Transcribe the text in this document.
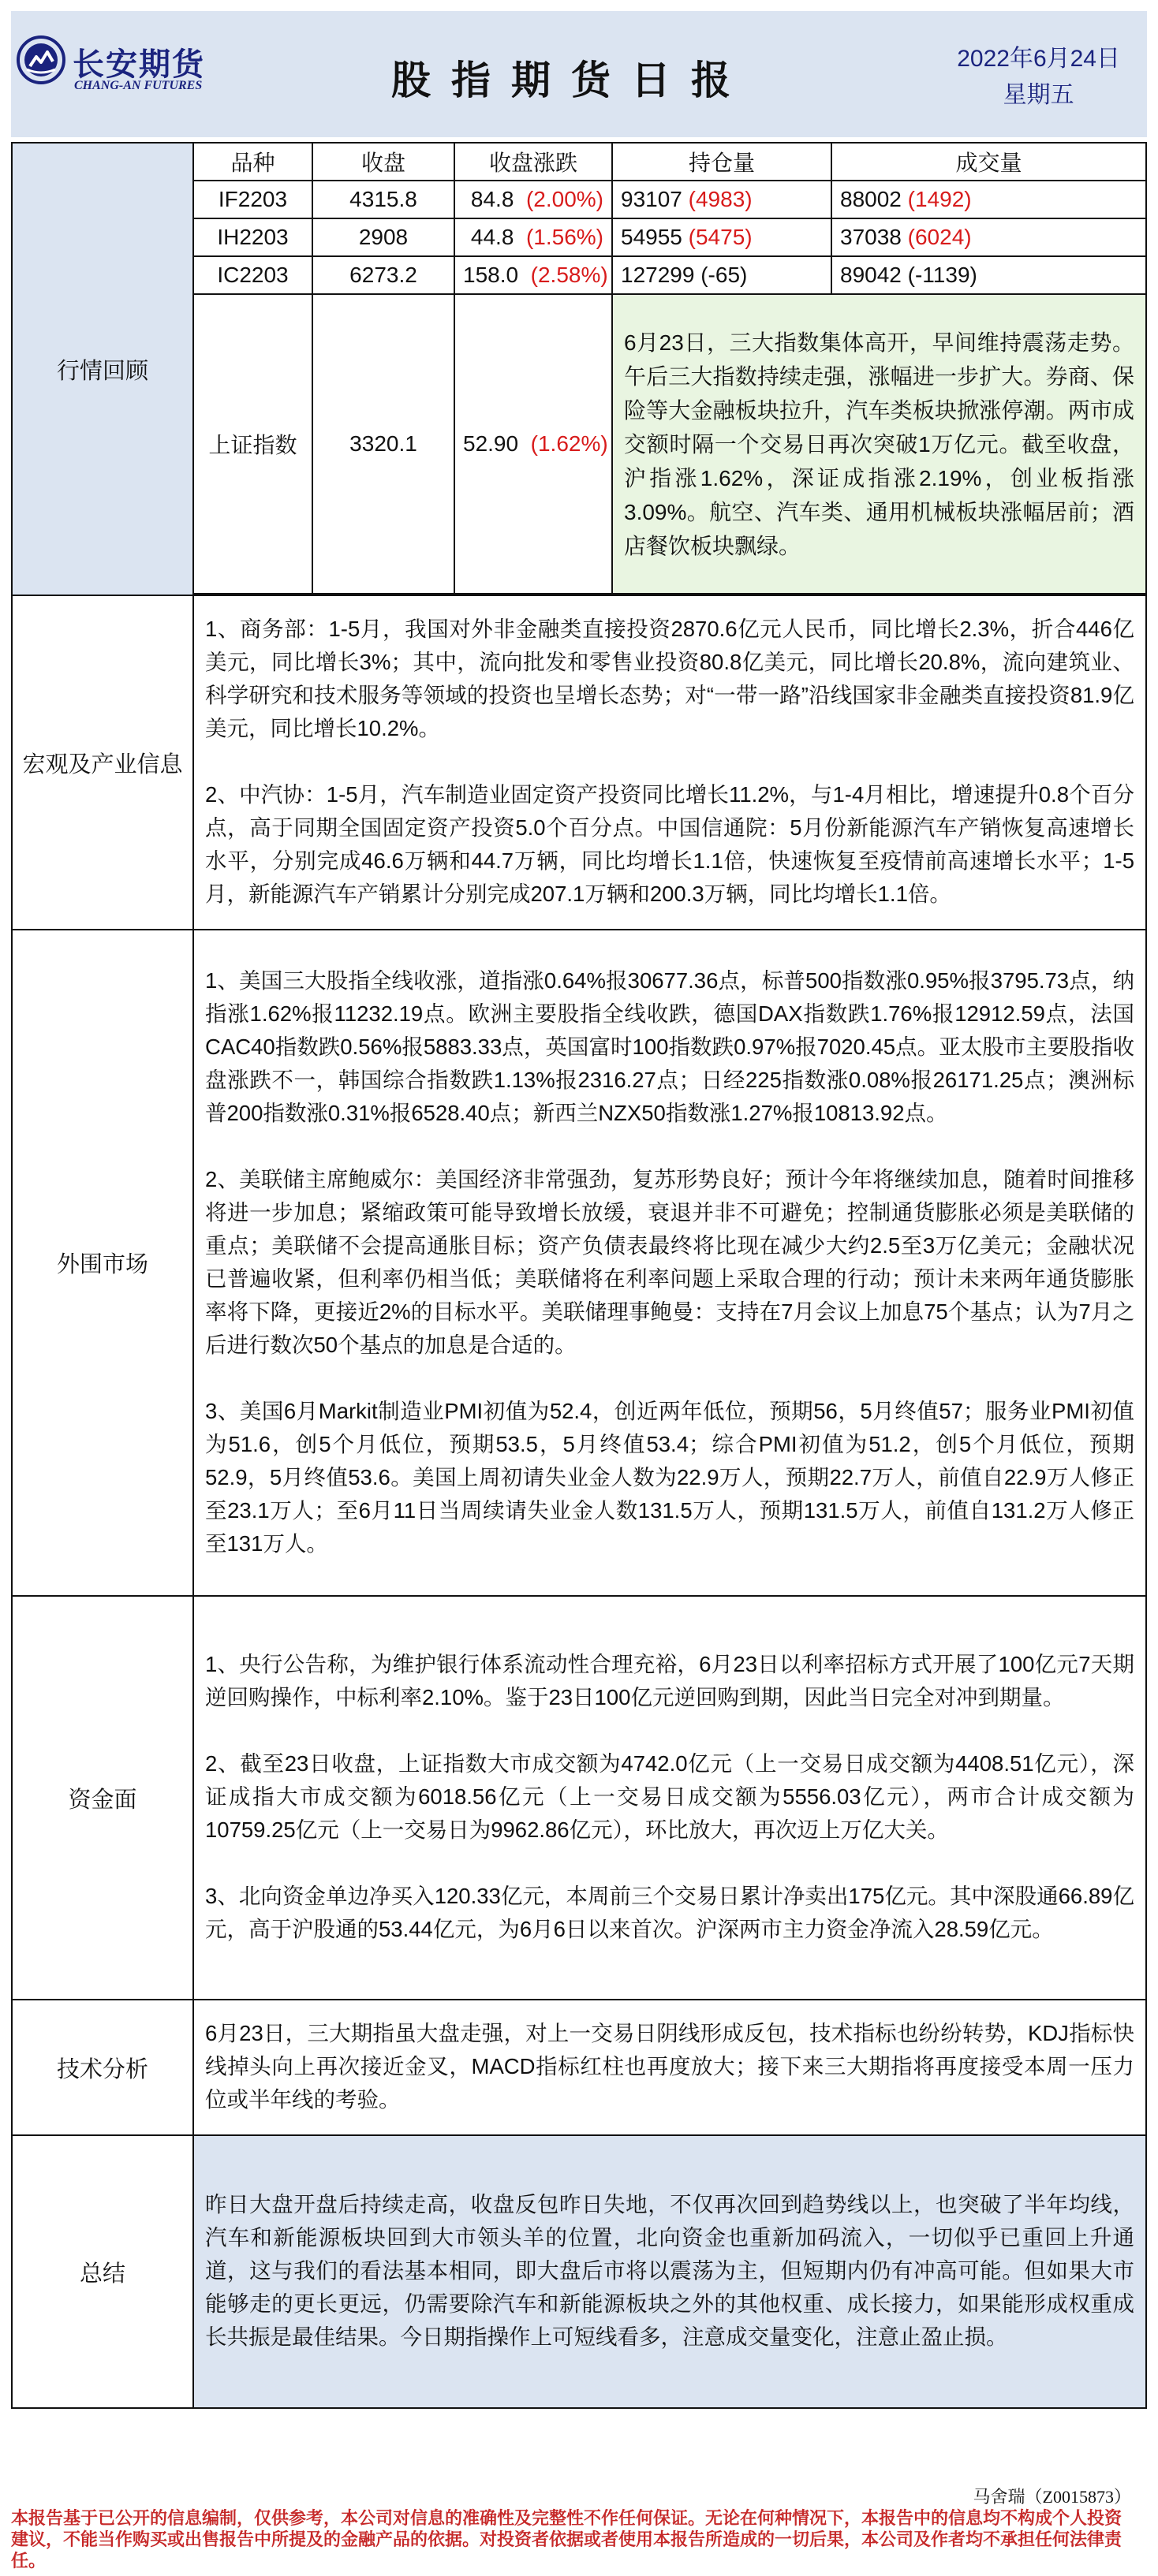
长安期货
CHANG-AN FUTURES	股指期货日报	2022年6月24日
星期五
行情回顾	
品种	收盘	收盘涨跌	持仓量	成交量
IF2203	4315.8	84.8 (2.00%)	93107 (4983)	88002 (1492)
IH2203	2908	44.8 (1.56%)	54955 (5475)	37038 (6024)
IC2203	6273.2	158.0 (2.58%)	127299 (-65)	89042 (-1139)
上证指数	3320.1	52.90 (1.62%)	6月23日，三大指数集体高开，早间维持震荡走势。午后三大指数持续走强，涨幅进一步扩大。券商、保险等大金融板块拉升，汽车类板块掀涨停潮。两市成交额时隔一个交易日再次突破1万亿元。截至收盘，沪指涨1.62%，深证成指涨2.19%，创业板指涨3.09%。航空、汽车类、通用机械板块涨幅居前；酒店餐饮板块飘绿。

宏观及产业信息	

1、商务部：1-5月，我国对外非金融类直接投资2870.6亿元人民币，同比增长2.3%，折合446亿美元，同比增长3%；其中，流向批发和零售业投资80.8亿美元，同比增长20.8%，流向建筑业、科学研究和技术服务等领域的投资也呈增长态势；对“一带一路”沿线国家非金融类直接投资81.9亿美元，同比增长10.2%。

2、中汽协：1-5月，汽车制造业固定资产投资同比增长11.2%，与1-4月相比，增速提升0.8个百分点，高于同期全国固定资产投资5.0个百分点。中国信通院：5月份新能源汽车产销恢复高速增长水平，分别完成46.6万辆和44.7万辆，同比均增长1.1倍，快速恢复至疫情前高速增长水平；1-5月，新能源汽车产销累计分别完成207.1万辆和200.3万辆，同比均增长1.1倍。

外围市场	

1、美国三大股指全线收涨，道指涨0.64%报30677.36点，标普500指数涨0.95%报3795.73点，纳指涨1.62%报11232.19点。欧洲主要股指全线收跌，德国DAX指数跌1.76%报12912.59点，法国CAC40指数跌0.56%报5883.33点，英国富时100指数跌0.97%报7020.45点。亚太股市主要股指收盘涨跌不一，韩国综合指数跌1.13%报2316.27点；日经225指数涨0.08%报26171.25点；澳洲标普200指数涨0.31%报6528.40点；新西兰NZX50指数涨1.27%报10813.92点。

2、美联储主席鲍威尔：美国经济非常强劲，复苏形势良好；预计今年将继续加息，随着时间推移将进一步加息；紧缩政策可能导致增长放缓，衰退并非不可避免；控制通货膨胀必须是美联储的重点；美联储不会提高通胀目标；资产负债表最终将比现在减少大约2.5至3万亿美元；金融状况已普遍收紧，但利率仍相当低；美联储将在利率问题上采取合理的行动；预计未来两年通货膨胀率将下降，更接近2%的目标水平。美联储理事鲍曼：支持在7月会议上加息75个基点；认为7月之后进行数次50个基点的加息是合适的。

3、美国6月Markit制造业PMI初值为52.4，创近两年低位，预期56，5月终值57；服务业PMI初值为51.6，创5个月低位，预期53.5，5月终值53.4；综合PMI初值为51.2，创5个月低位，预期52.9，5月终值53.6。美国上周初请失业金人数为22.9万人，预期22.7万人，前值自22.9万人修正至23.1万人；至6月11日当周续请失业金人数131.5万人，预期131.5万人，前值自131.2万人修正至131万人。

资金面	

1、央行公告称，为维护银行体系流动性合理充裕，6月23日以利率招标方式开展了100亿元7天期逆回购操作，中标利率2.10%。鉴于23日100亿元逆回购到期，因此当日完全对冲到期量。

2、截至23日收盘，上证指数大市成交额为4742.0亿元（上一交易日成交额为4408.51亿元），深证成指大市成交额为6018.56亿元（上一交易日成交额为5556.03亿元），两市合计成交额为10759.25亿元（上一交易日为9962.86亿元），环比放大，再次迈上万亿大关。

3、北向资金单边净买入120.33亿元，本周前三个交易日累计净卖出175亿元。其中深股通66.89亿元，高于沪股通的53.44亿元，为6月6日以来首次。沪深两市主力资金净流入28.59亿元。

技术分析	6月23日，三大期指虽大盘走强，对上一交易日阴线形成反包，技术指标也纷纷转势，KDJ指标快线掉头向上再次接近金叉，MACD指标红柱也再度放大；接下来三大期指将再度接受本周一压力位或半年线的考验。
总结	昨日大盘开盘后持续走高，收盘反包昨日失地，不仅再次回到趋势线以上，也突破了半年均线，汽车和新能源板块回到大市领头羊的位置，北向资金也重新加码流入，一切似乎已重回上升通道，这与我们的看法基本相同，即大盘后市将以震荡为主，但短期内仍有冲高可能。但如果大市能够走的更长更远，仍需要除汽车和新能源板块之外的其他权重、成长接力，如果能形成权重成长共振是最佳结果。今日期指操作上可短线看多，注意成交量变化，注意止盈止损。
马舍瑞（Z0015873）
本报告基于已公开的信息编制，仅供参考，本公司对信息的准确性及完整性不作任何保证。无论在何种情况下，本报告中的信息均不构成个人投资建议，不能当作购买或出售报告中所提及的金融产品的依据。对投资者依据或者使用本报告所造成的一切后果，本公司及作者均不承担任何法律责任。
